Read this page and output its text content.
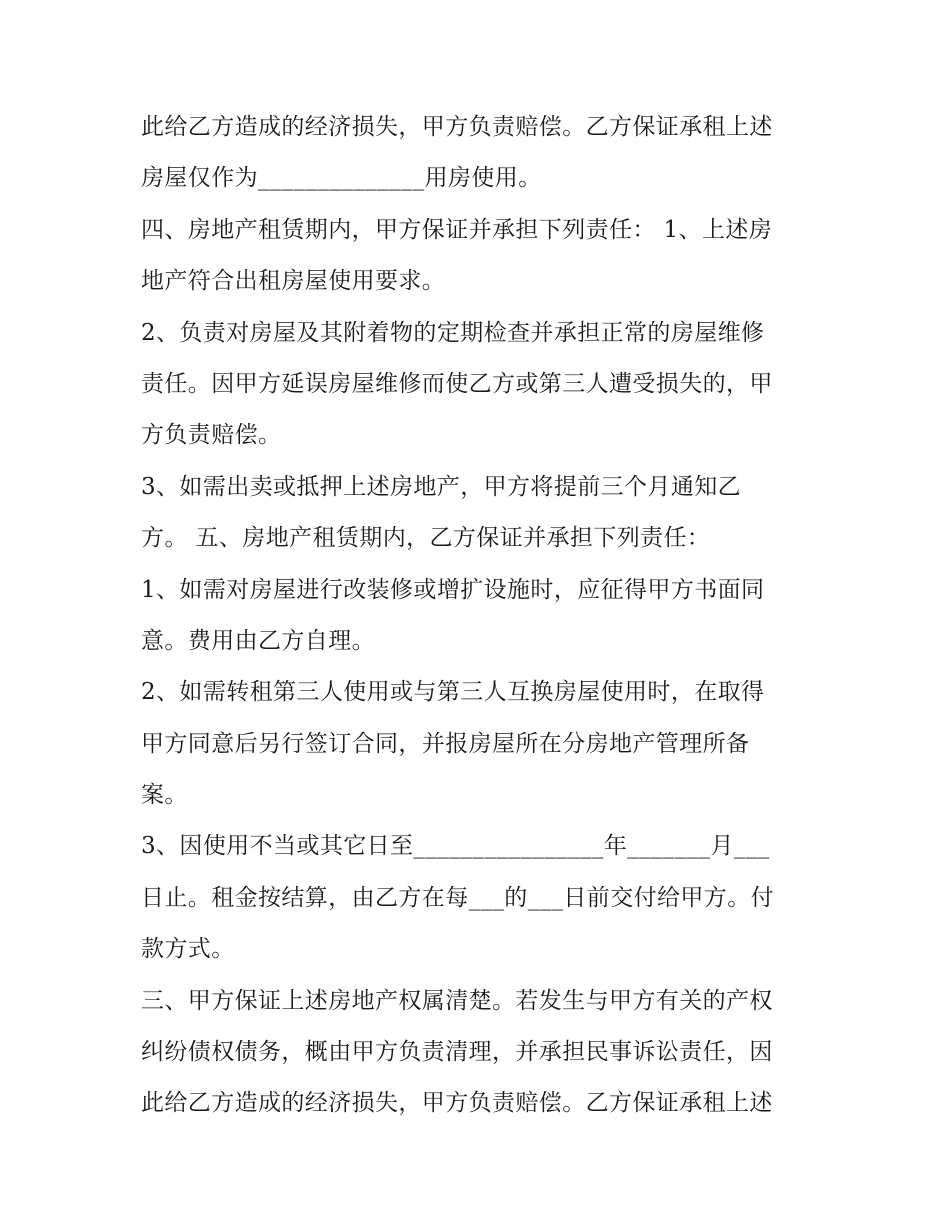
此给乙方造成的经济损失，甲方负责赔偿。乙方保证承租上述
房屋仅作为______________用房使用。
四、房地产租赁期内，甲方保证并承担下列责任： 1、上述房
地产符合出租房屋使用要求。
2、负责对房屋及其附着物的定期检查并承担正常的房屋维修
责任。因甲方延误房屋维修而使乙方或第三人遭受损失的，甲
方负责赔偿。
3、如需出卖或抵押上述房地产，甲方将提前三个月通知乙
方。 五、房地产租赁期内，乙方保证并承担下列责任：
1、如需对房屋进行改装修或增扩设施时，应征得甲方书面同
意。费用由乙方自理。
2、如需转租第三人使用或与第三人互换房屋使用时，在取得
甲方同意后另行签订合同，并报房屋所在分房地产管理所备
案。
3、因使用不当或其它日至________________年_______月___
日止。租金按结算，由乙方在每___的___日前交付给甲方。付
款方式。
三、甲方保证上述房地产权属清楚。若发生与甲方有关的产权
纠纷债权债务，概由甲方负责清理，并承担民事诉讼责任，因
此给乙方造成的经济损失，甲方负责赔偿。乙方保证承租上述
